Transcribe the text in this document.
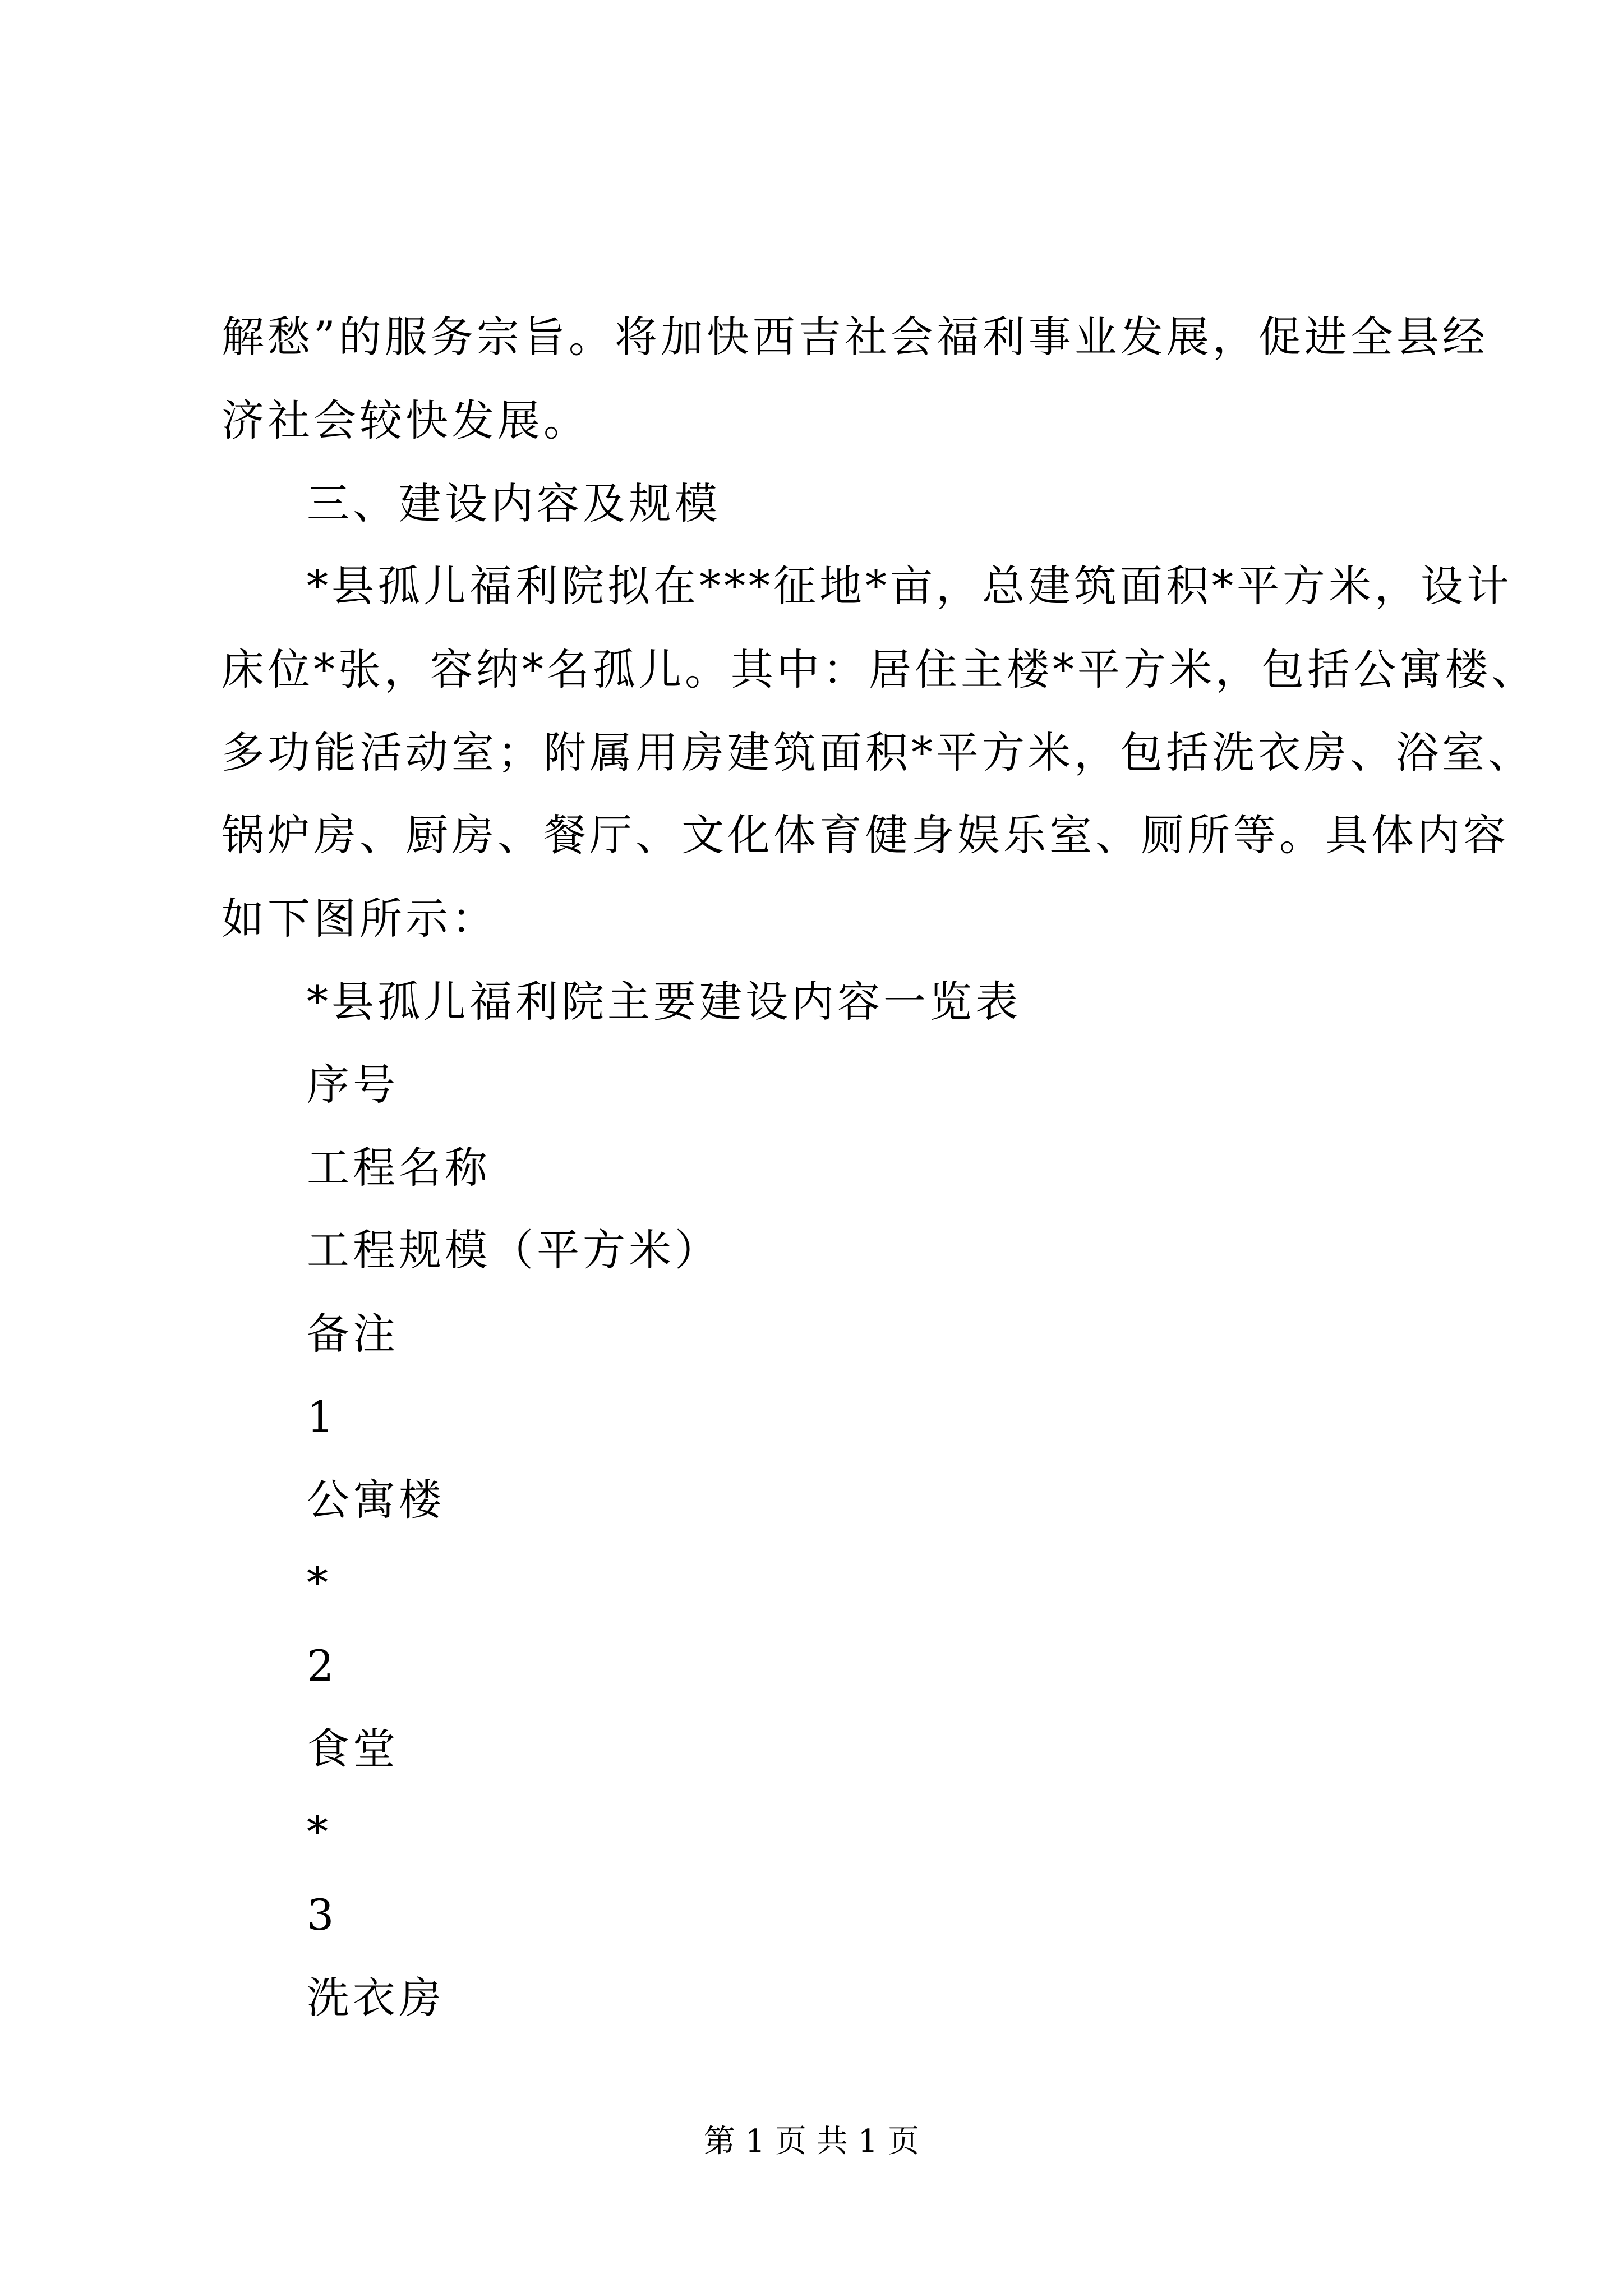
解愁”的服务宗旨。将加快西吉社会福利事业发展，促进全县经
济社会较快发展。
三、建设内容及规模
*县孤儿福利院拟在***征地*亩，总建筑面积*平方米，设计
床位*张，容纳*名孤儿。其中：居住主楼*平方米，包括公寓楼、
多功能活动室；附属用房建筑面积*平方米，包括洗衣房、浴室、
锅炉房、厨房、餐厅、文化体育健身娱乐室、厕所等。具体内容
如下图所示：
*县孤儿福利院主要建设内容一览表
序号
工程名称
工程规模（平方米）
备注
1
公寓楼
*
2
食堂
*
3
洗衣房
第 1 页 共 1 页
